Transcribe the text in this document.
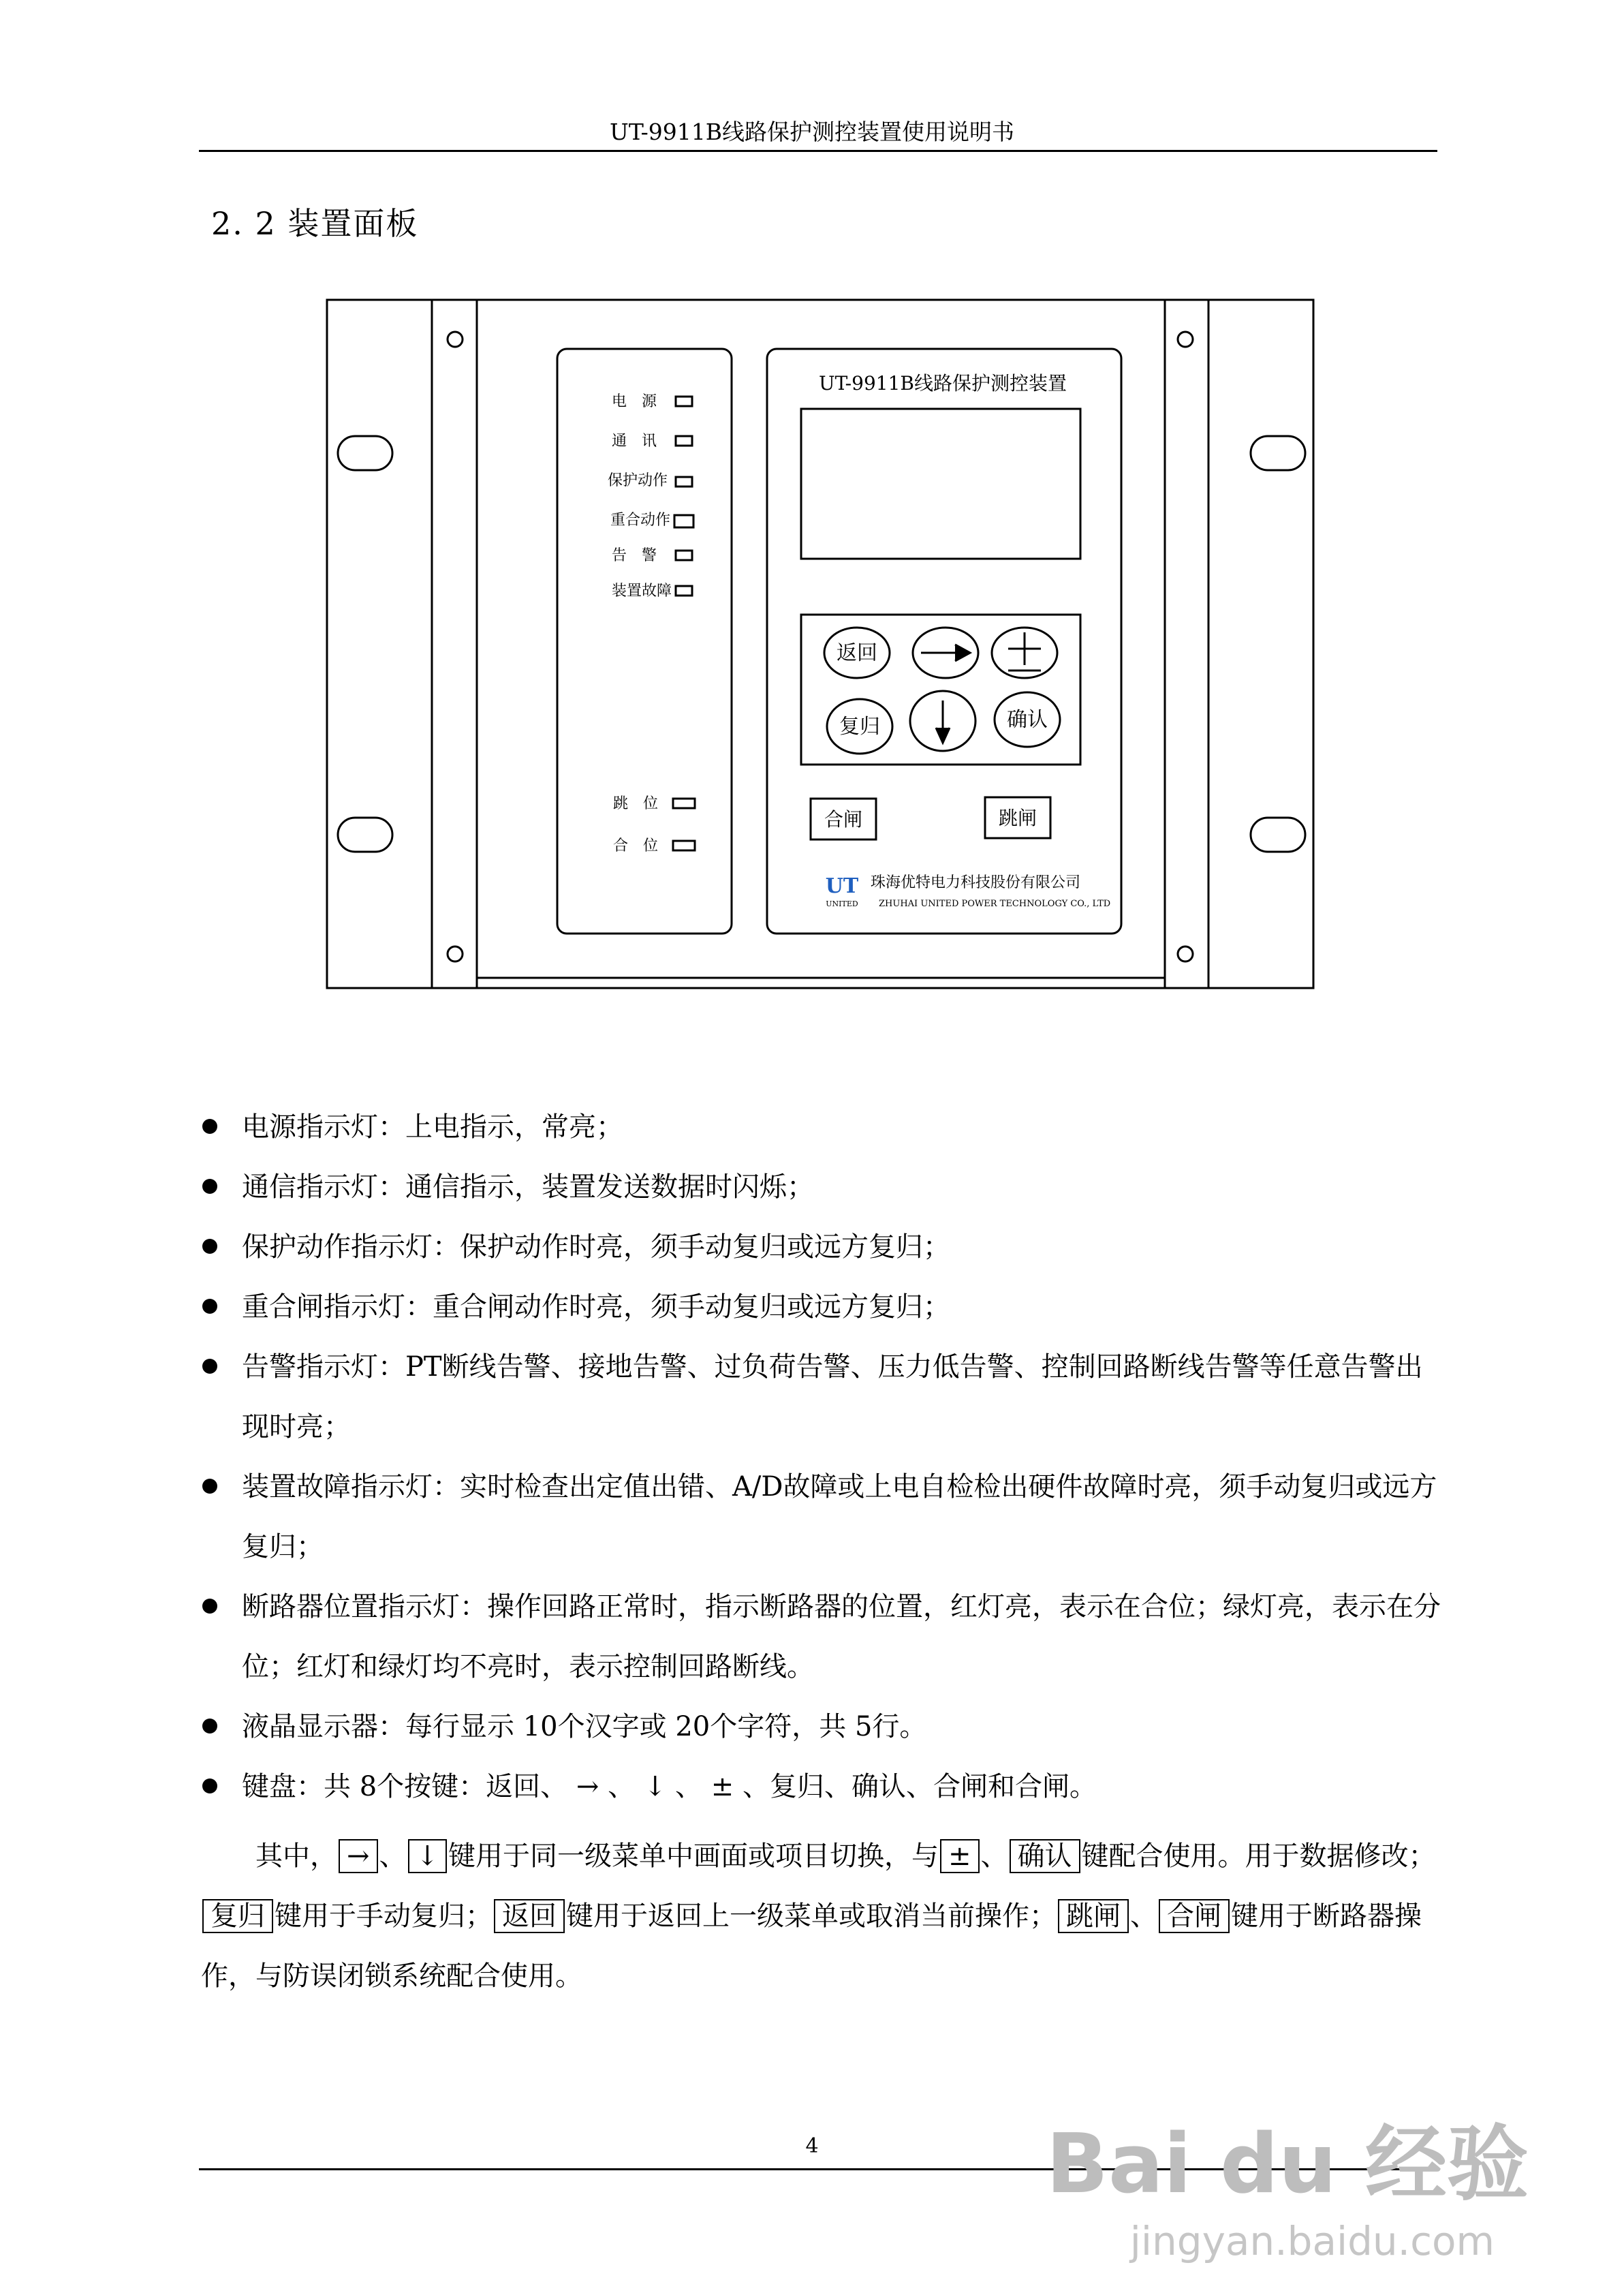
UT-9911B线路保护测控装置使用说明书
2. 2 装置面板
电　源
通　讯
保护动作
重合动作
告　警
装置故障
跳　位
合　位
UT-9911B线路保护测控装置
返回
复归	确认
合闸	跳闸
UT
UNITED
珠海优特电力科技股份有限公司
ZHUHAI UNITED POWER TECHNOLOGY CO., LTD
电源指示灯：上电指示，常亮；
通信指示灯：通信指示，装置发送数据时闪烁；
保护动作指示灯：保护动作时亮，须手动复归或远方复归；
重合闸指示灯：重合闸动作时亮，须手动复归或远方复归；
告警指示灯：PT断线告警、接地告警、过负荷告警、压力低告警、控制回路断线告警等任意告警出现时亮；
装置故障指示灯：实时检查出定值出错、A/D故障或上电自检检出硬件故障时亮，须手动复归或远方复归；
断路器位置指示灯：操作回路正常时，指示断路器的位置，红灯亮，表示在合位；绿灯亮，表示在分位；红灯和绿灯均不亮时，表示控制回路断线。
液晶显示器：每行显示 10个汉字或 20个字符，共 5行。
键盘：共 8个按键：返回、 → 、 ↓ 、 ± 、复归、确认、合闸和合闸。
其中， → 、 ↓ 键用于同一级菜单中画面或项目切换，与 ± 、 确认 键配合使用。用于数据修改；复归 键用于手动复归； 返回 键用于返回上一级菜单或取消当前操作； 跳闸 、 合闸 键用于断路器操作，与防误闭锁系统配合使用。
4	Bai du 经验
jingyan.baidu.com
